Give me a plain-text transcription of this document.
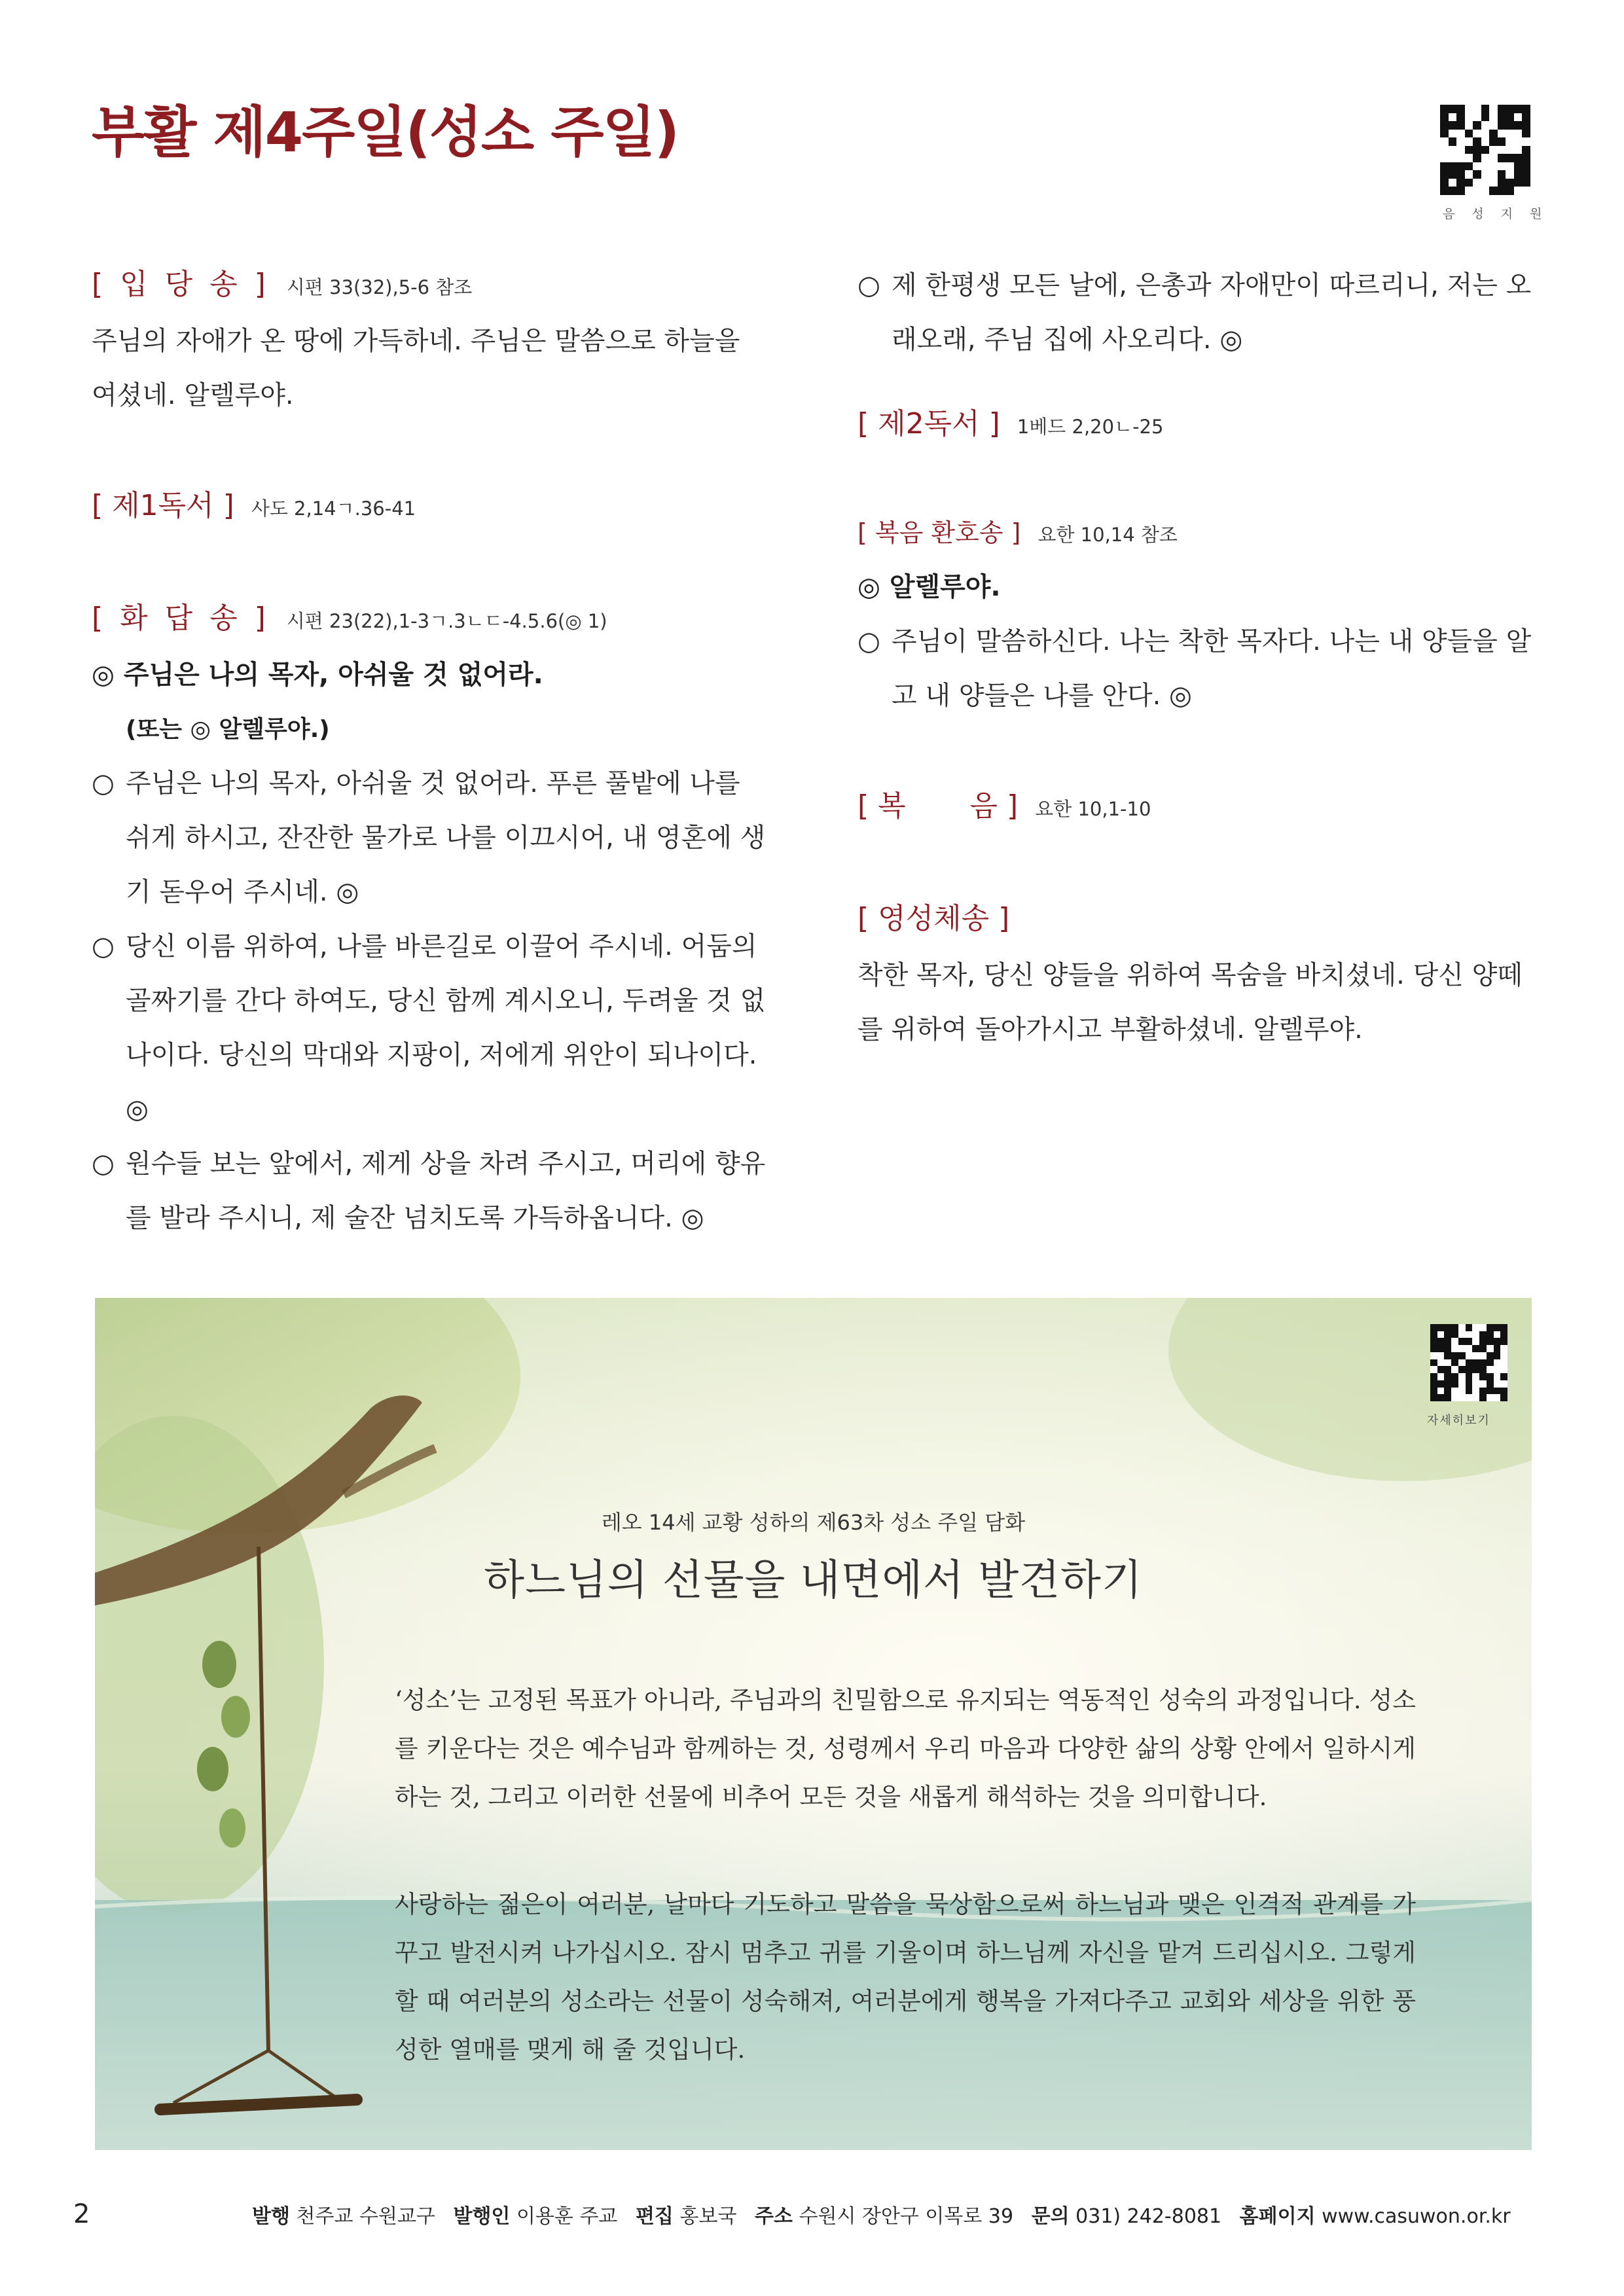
부활 제4주일(성소 주일)
음 성 지 원
[ 입 당 송 ] 시편 33(32),5-6 참조
주님의 자애가 온 땅에 가득하네. 주님은 말씀으로 하늘을 여셨네. 알렐루야.
[ 제1독서 ] 사도 2,14ㄱ.36-41
[ 화 답 송 ] 시편 23(22),1-3ㄱ.3ㄴㄷ-4.5.6(◎ 1)
◎ 주님은 나의 목자, 아쉬울 것 없어라.
(또는 ◎ 알렐루야.)
○ 주님은 나의 목자, 아쉬울 것 없어라. 푸른 풀밭에 나를 쉬게 하시고, 잔잔한 물가로 나를 이끄시어, 내 영혼에 생기 돋우어 주시네. ◎
○ 당신 이름 위하여, 나를 바른길로 이끌어 주시네. 어둠의 골짜기를 간다 하여도, 당신 함께 계시오니, 두려울 것 없나이다. 당신의 막대와 지팡이, 저에게 위안이 되나이다. ◎
○ 원수들 보는 앞에서, 제게 상을 차려 주시고, 머리에 향유를 발라 주시니, 제 술잔 넘치도록 가득하옵니다. ◎
○ 제 한평생 모든 날에, 은총과 자애만이 따르리니, 저는 오래오래, 주님 집에 사오리다. ◎
[ 제2독서 ] 1베드 2,20ㄴ-25
[ 복음 환호송 ] 요한 10,14 참조
◎ 알렐루야.
○ 주님이 말씀하신다. 나는 착한 목자다. 나는 내 양들을 알고 내 양들은 나를 안다. ◎
[ 복       음 ] 요한 10,1-10
[ 영성체송 ]
착한 목자, 당신 양들을 위하여 목숨을 바치셨네. 당신 양떼를 위하여 돌아가시고 부활하셨네. 알렐루야.
자세히보기
레오 14세 교황 성하의 제63차 성소 주일 담화
하느님의 선물을 내면에서 발견하기
‘성소’는 고정된 목표가 아니라, 주님과의 친밀함으로 유지되는 역동적인 성숙의 과정입니다. 성소를 키운다는 것은 예수님과 함께하는 것, 성령께서 우리 마음과 다양한 삶의 상황 안에서 일하시게 하는 것, 그리고 이러한 선물에 비추어 모든 것을 새롭게 해석하는 것을 의미합니다.
사랑하는 젊은이 여러분, 날마다 기도하고 말씀을 묵상함으로써 하느님과 맺은 인격적 관계를 가꾸고 발전시켜 나가십시오. 잠시 멈추고 귀를 기울이며 하느님께 자신을 맡겨 드리십시오. 그렇게 할 때 여러분의 성소라는 선물이 성숙해져, 여러분에게 행복을 가져다주고 교회와 세상을 위한 풍성한 열매를 맺게 해 줄 것입니다.
2	발행 천주교 수원교구 발행인 이용훈 주교 편집 홍보국 주소 수원시 장안구 이목로 39 문의 031) 242-8081 홈페이지 www.casuwon.or.kr
